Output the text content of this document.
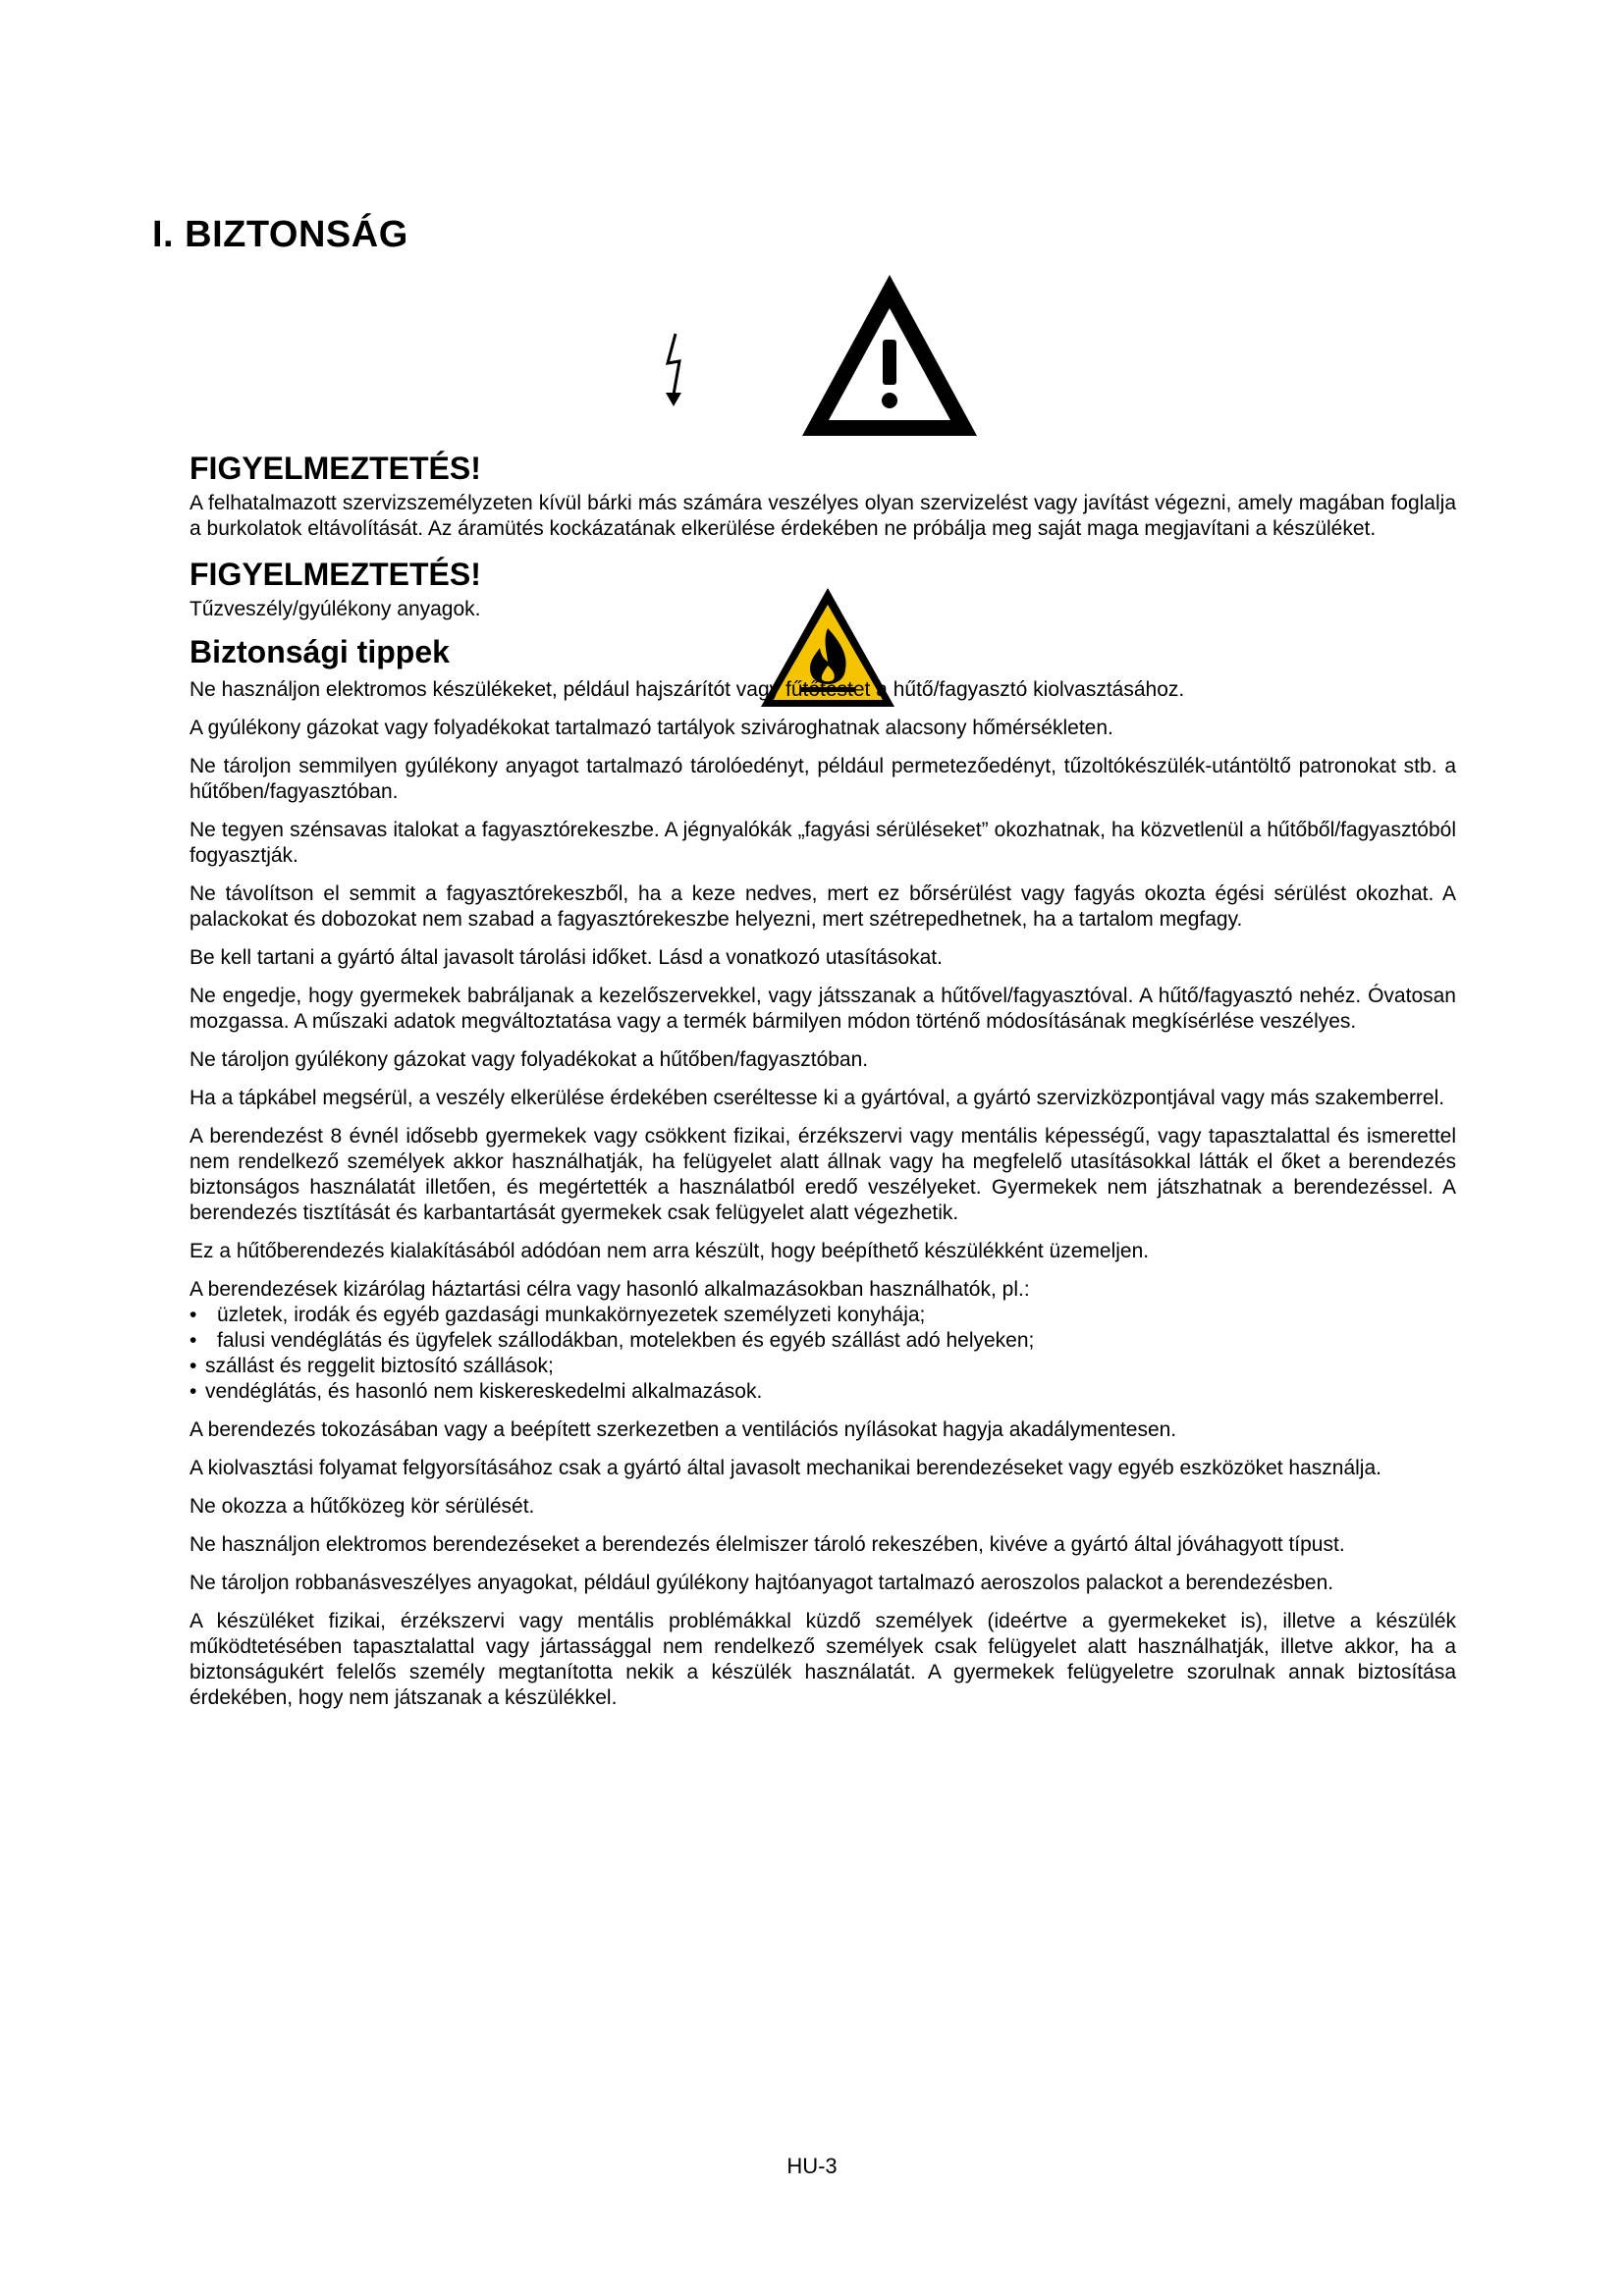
I. BIZTONSÁG
FIGYELMEZTETÉS!

A felhatalmazott szervizszemélyzeten kívül bárki más számára veszélyes olyan szervizelést vagy javítást végezni, amely magában foglalja a burkolatok eltávolítását. Az áramütés kockázatának elkerülése érdekében ne próbálja meg saját maga megjavítani a készüléket.

FIGYELMEZTETÉS!

Tűzveszély/gyúlékony anyagok.

Biztonsági tippek

Ne használjon elektromos készülékeket, például hajszárítót vagy fűtőtestet a hűtő/fagyasztó kiolvasztásához.

A gyúlékony gázokat vagy folyadékokat tartalmazó tartályok szivároghatnak alacsony hőmérsékleten.

Ne tároljon semmilyen gyúlékony anyagot tartalmazó tárolóedényt, például permetezőedényt, tűzoltókészülék-utántöltő patronokat stb. a hűtőben/fagyasztóban.

Ne tegyen szénsavas italokat a fagyasztórekeszbe. A jégnyalókák „fagyási sérüléseket” okozhatnak, ha közvetlenül a hűtőből/fagyasztóból fogyasztják.

Ne távolítson el semmit a fagyasztórekeszből, ha a keze nedves, mert ez bőrsérülést vagy fagyás okozta égési sérülést okozhat. A palackokat és dobozokat nem szabad a fagyasztórekeszbe helyezni, mert szétrepedhetnek, ha a tartalom megfagy.

Be kell tartani a gyártó által javasolt tárolási időket. Lásd a vonatkozó utasításokat.

Ne engedje, hogy gyermekek babráljanak a kezelőszervekkel, vagy játsszanak a hűtővel/fagyasztóval. A hűtő/fagyasztó nehéz. Óvatosan mozgassa. A műszaki adatok megváltoztatása vagy a termék bármilyen módon történő módosításának megkísérlése veszélyes.

Ne tároljon gyúlékony gázokat vagy folyadékokat a hűtőben/fagyasztóban.

Ha a tápkábel megsérül, a veszély elkerülése érdekében cseréltesse ki a gyártóval, a gyártó szervizközpontjával vagy más szakemberrel.

A berendezést 8 évnél idősebb gyermekek vagy csökkent fizikai, érzékszervi vagy mentális képességű, vagy tapasztalattal és ismerettel nem rendelkező személyek akkor használhatják, ha felügyelet alatt állnak vagy ha megfelelő utasításokkal látták el őket a berendezés biztonságos használatát illetően, és megértették a használatból eredő veszélyeket. Gyermekek nem játszhatnak a berendezéssel. A berendezés tisztítását és karbantartását gyermekek csak felügyelet alatt végezhetik.

Ez a hűtőberendezés kialakításából adódóan nem arra készült, hogy beépíthető készülékként üzemeljen.

A berendezések kizárólag háztartási célra vagy hasonló alkalmazásokban használhatók, pl.:

• üzletek, irodák és egyéb gazdasági munkakörnyezetek személyzeti konyhája;
• falusi vendéglátás és ügyfelek szállodákban, motelekben és egyéb szállást adó helyeken;
• szállást és reggelit biztosító szállások;
• vendéglátás, és hasonló nem kiskereskedelmi alkalmazások.

A berendezés tokozásában vagy a beépített szerkezetben a ventilációs nyílásokat hagyja akadálymentesen.

A kiolvasztási folyamat felgyorsításához csak a gyártó által javasolt mechanikai berendezéseket vagy egyéb eszközöket használja.

Ne okozza a hűtőközeg kör sérülését.

Ne használjon elektromos berendezéseket a berendezés élelmiszer tároló rekeszében, kivéve a gyártó által jóváhagyott típust.

Ne tároljon robbanásveszélyes anyagokat, például gyúlékony hajtóanyagot tartalmazó aeroszolos palackot a berendezésben.

A készüléket fizikai, érzékszervi vagy mentális problémákkal küzdő személyek (ideértve a gyermekeket is), illetve a készülék működtetésében tapasztalattal vagy jártassággal nem rendelkező személyek csak felügyelet alatt használhatják, illetve akkor, ha a biztonságukért felelős személy megtanította nekik a készülék használatát. A gyermekek felügyeletre szorulnak annak biztosítása érdekében, hogy nem játszanak a készülékkel.

HU-3
